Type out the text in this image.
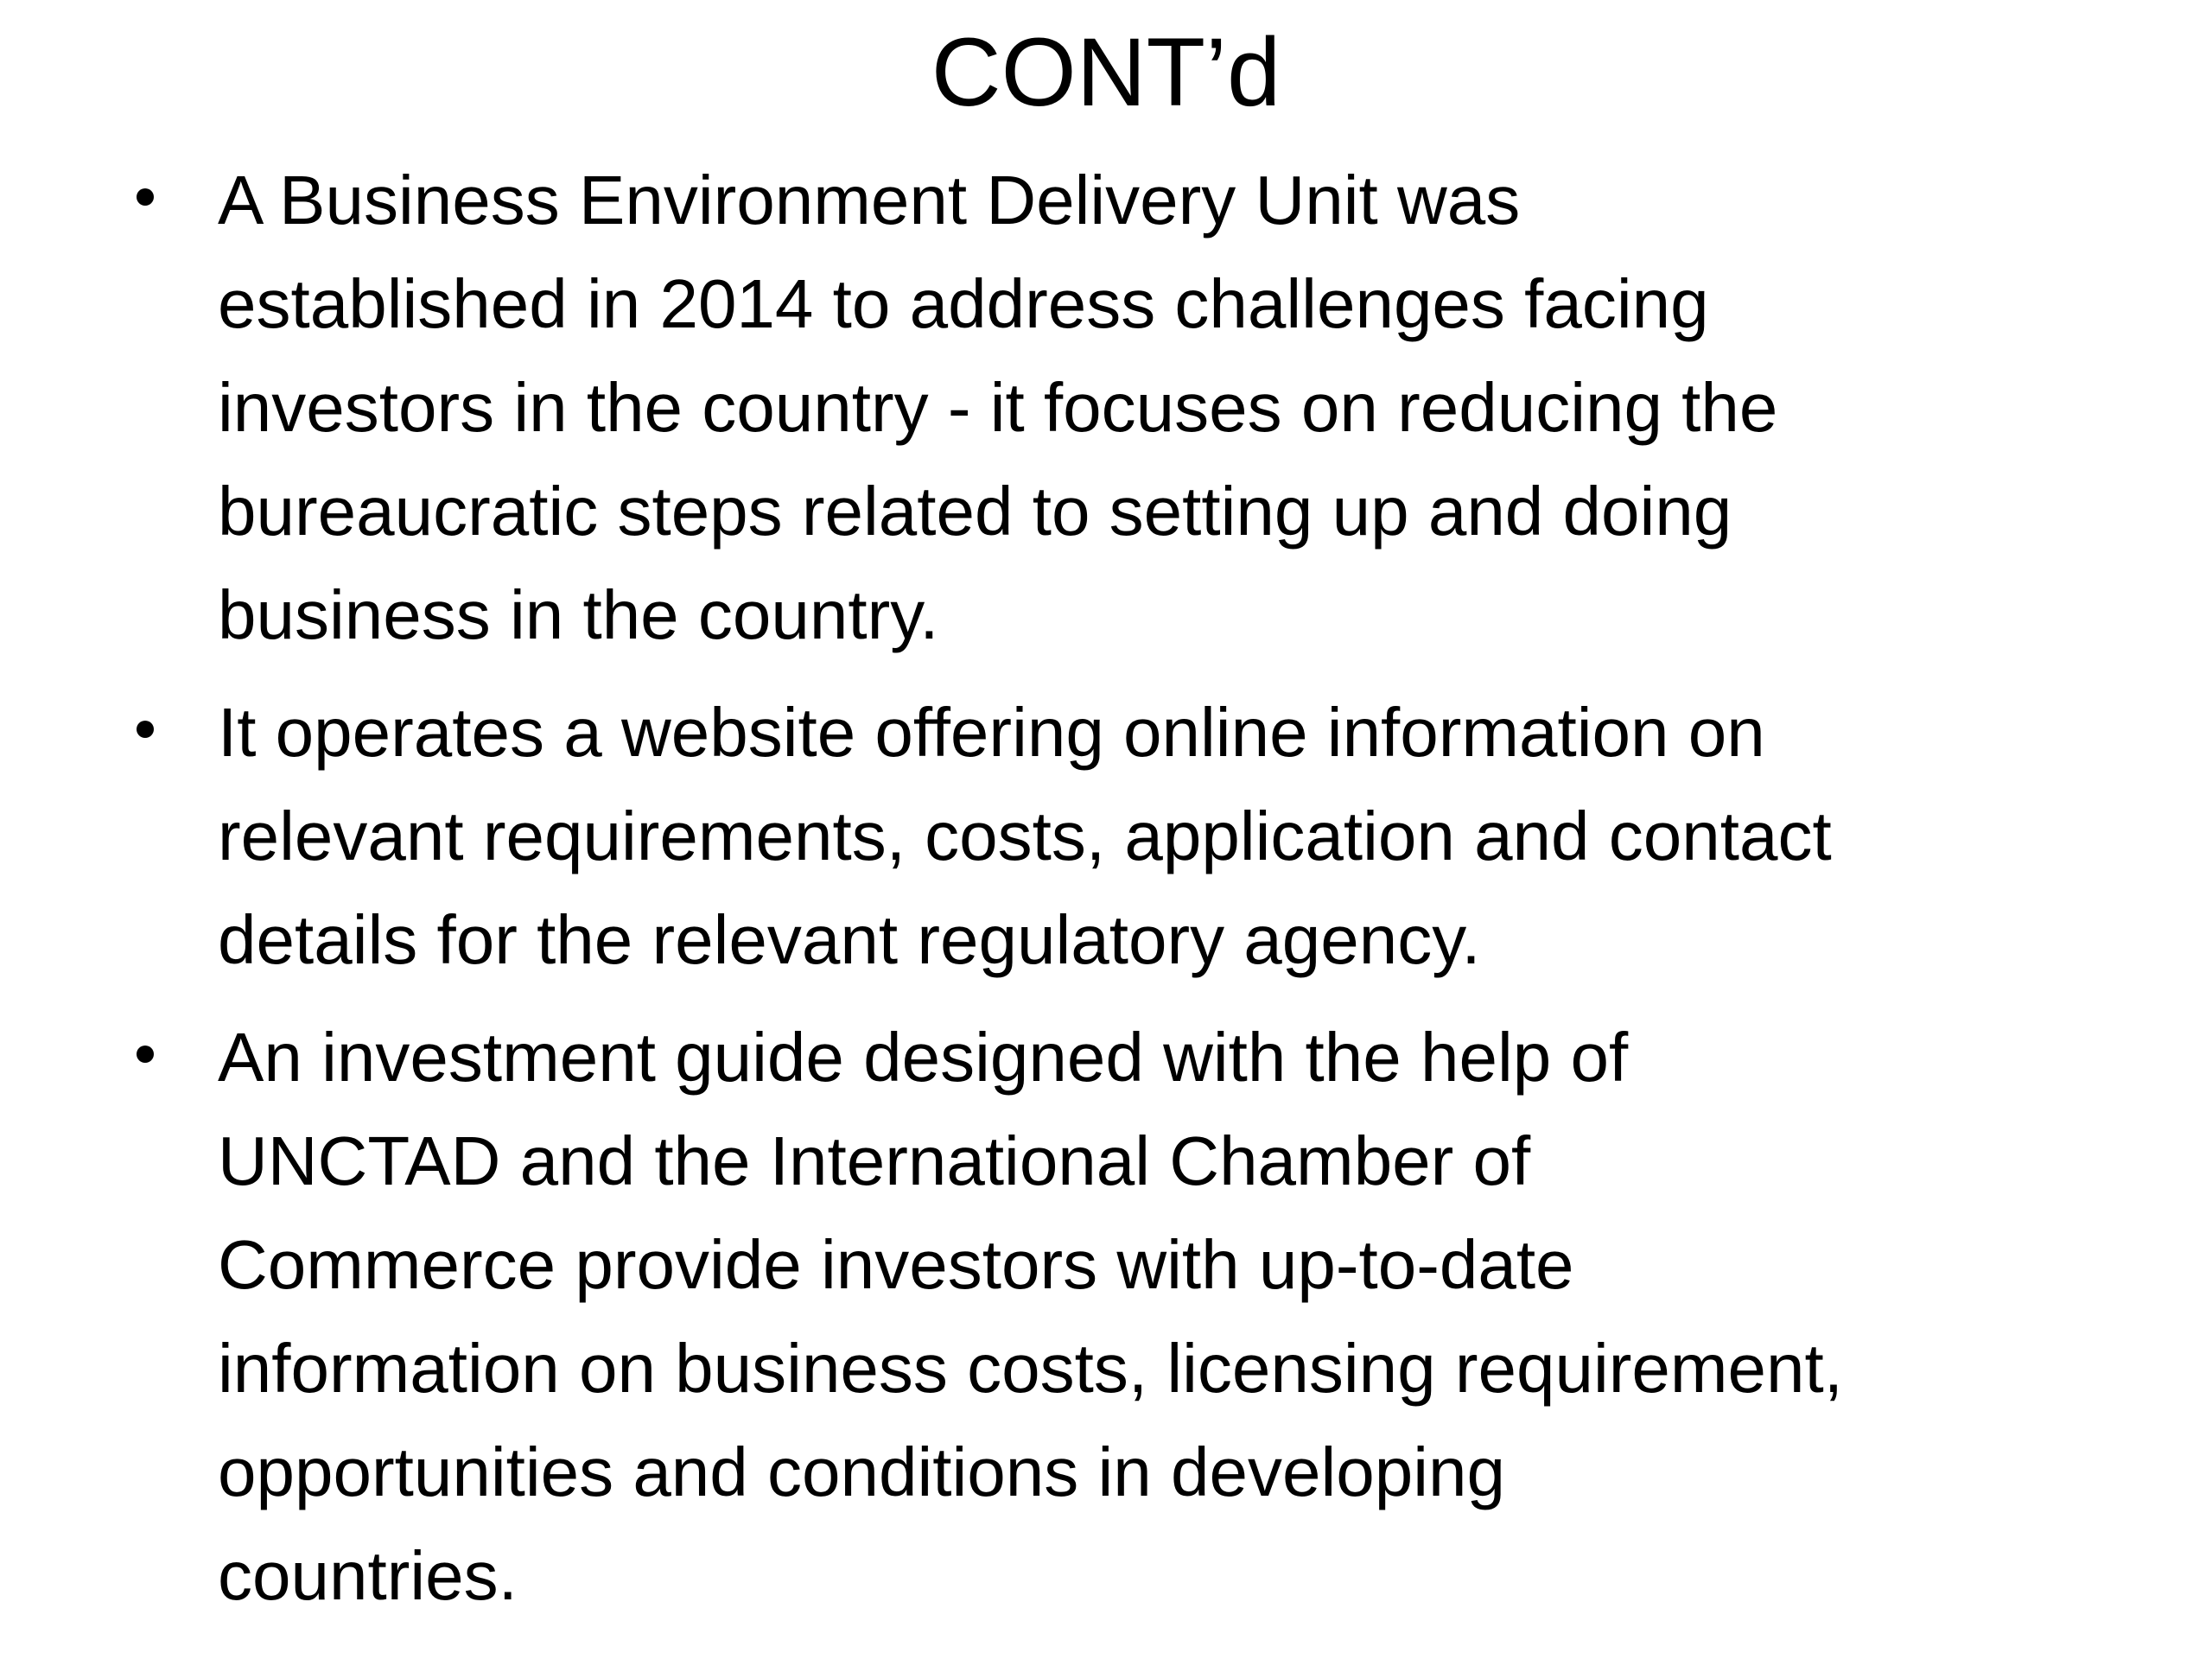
CONT’d
A Business Environment Delivery Unit was
established in 2014 to address challenges facing
investors in the country - it focuses on reducing the
bureaucratic steps related to setting up and doing
business in the country.
It operates a website offering online information on
relevant requirements, costs, application and contact
details for the relevant regulatory agency.
An investment guide designed with the help of
UNCTAD and the International Chamber of
Commerce provide investors with up-to-date
information on business costs, licensing requirement,
opportunities and conditions in developing
countries.
